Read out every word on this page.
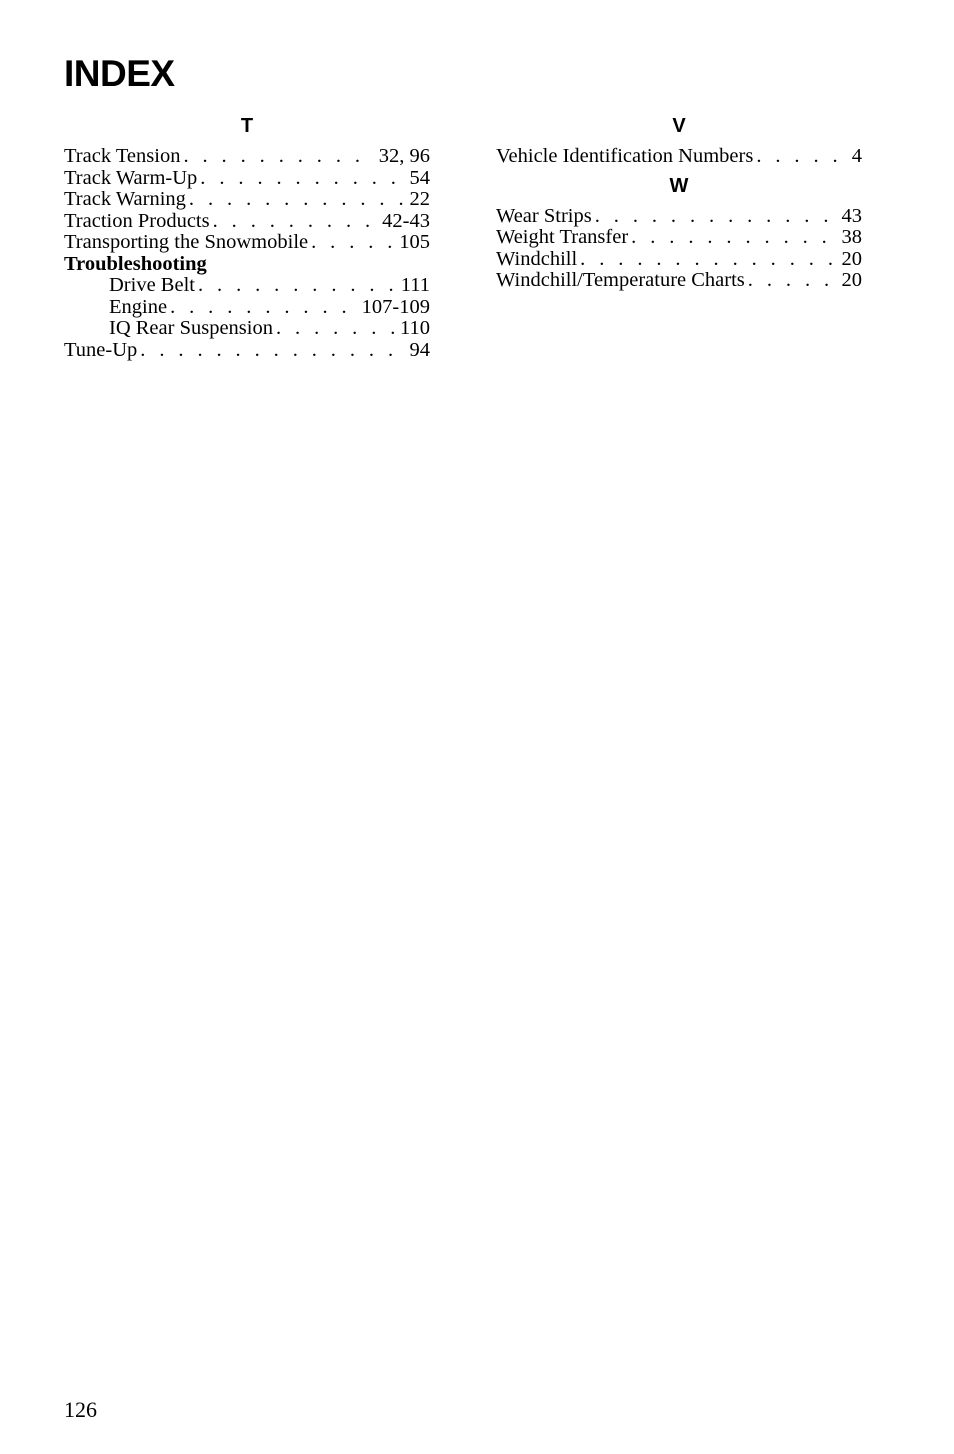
INDEX
T
Track Tension . . .	32, 96
Track Warm-Up . . .	54
Track Warning . . .	22
Traction Products . . .	42-43
Transporting the Snowmobile . . .	105
Troubleshooting
Drive Belt . . .	111
Engine . . .	107-109
IQ Rear Suspension . . .	110
Tune-Up . . .	94
V
Vehicle Identification Numbers . . .	4
W
Wear Strips . . .	43
Weight Transfer . . .	38
Windchill . . .	20
Windchill/Temperature Charts . . .	20
126
